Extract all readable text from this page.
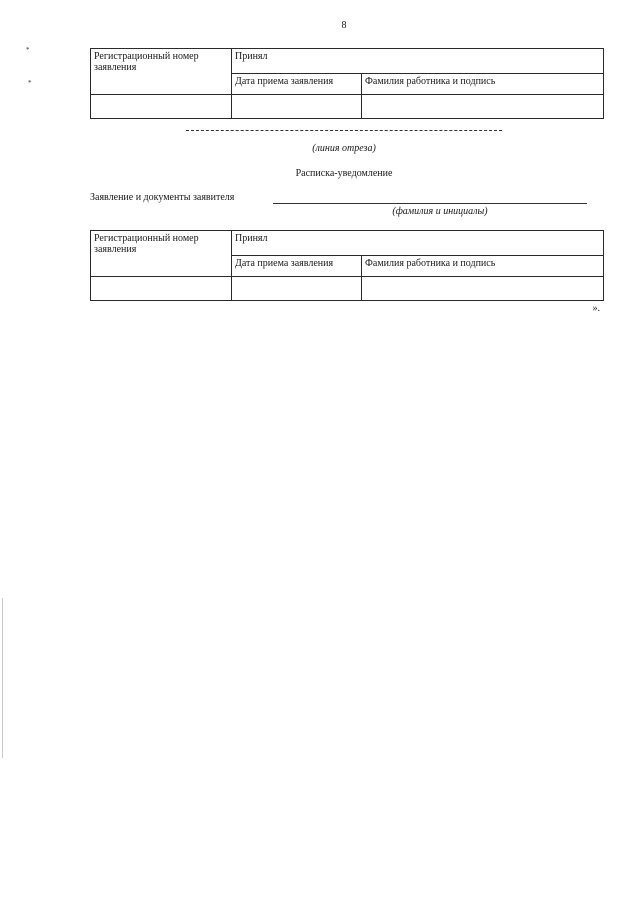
8
*
*
Регистрационный номер заявления	Принял	
	Дата приема заявления	Фамилия работника и подпись

(линия отреза)
Расписка-уведомление
Заявление и документы заявителя
(фамилия и инициалы)
Регистрационный номер заявления	Принял	
	Дата приема заявления	Фамилия работника и подпись

».
